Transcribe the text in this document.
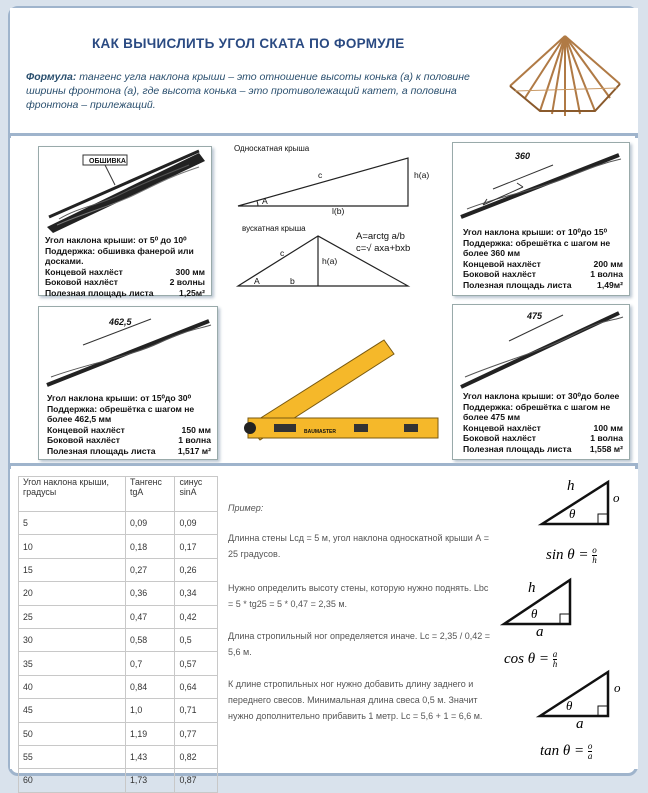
КАК ВЫЧИСЛИТЬ УГОЛ СКАТА ПО ФОРМУЛЕ
Формула: тангенс угла наклона крыши – это отношение высоты конька (а) к половине ширины фронтона (а), где высота конька – это противолежащий катет, а половина фронтона – прилежащий.
ОБШИВКА
Угол наклона крыши: от 5⁰ до 10⁰
Поддержка: обшивка фанерой или досками.
Концевой нахлёст	300 мм
Боковой нахлёст	2 волны
Полезная площадь листа	1,25м²
Односкатная крыша
c	h(a)
A
l(b)
вускатная крыша
A=arctg a/b
c=√ axa+bxb
c
h(a)
A	b
360
Угол наклона крыши: от 10⁰до 15⁰
Поддержка: обрешётка с шагом не более 360 мм
Концевой нахлёст	200 мм
Боковой нахлёст	1 волна
Полезная площадь листа	1,49м²
462,5
Угол наклона крыши: от 15⁰до 30⁰
Поддержка: обрешётка с шагом не более 462,5 мм
Концевой нахлёст	150 мм
Боковой нахлёст	1 волна
Полезная площадь листа	1,517 м²
BAUMASTER
475
Угол наклона крыши: от 30⁰до более
Поддержка: обрешётка с шагом не более 475 мм
Концевой нахлёст	100 мм
Боковой нахлёст	1 волна
Полезная площадь листа 1,558 м²
Угол наклона крыши, градусы	Тангенс tgA	синус sinA
5	0,09	0,09
10	0,18	0,17
15	0,27	0,26
20	0,36	0,34
25	0,47	0,42
30	0,58	0,5
35	0,7	0,57
40	0,84	0,64
45	1,0	0,71
50	1,19	0,77
55	1,43	0,82
60	1,73	0,87
Пример:
Длинна стены Lcд = 5 м, угол наклона односкатной крыши А = 25 градусов.
Нужно определить высоту стены, которую нужно поднять. Lbc = 5 * tg25 = 5 * 0,47 = 2,35 м.
Длина стропильный ног определяется иначе. Lc = 2,35 / 0,42 = 5,6 м.
К длине стропильных ног нужно добавить длину заднего и переднего свесов. Минимальная длина свеса 0,5 м. Значит нужно дополнительно прибавить 1 метр. Lc = 5,6 + 1 = 6,6 м.
h
o
θ
$\sin \theta = \frac{o}{h}$
h
θ
a
$\cos \theta = \frac{a}{h}$
o
θ
a
$\tan \theta = \frac{o}{a}$
